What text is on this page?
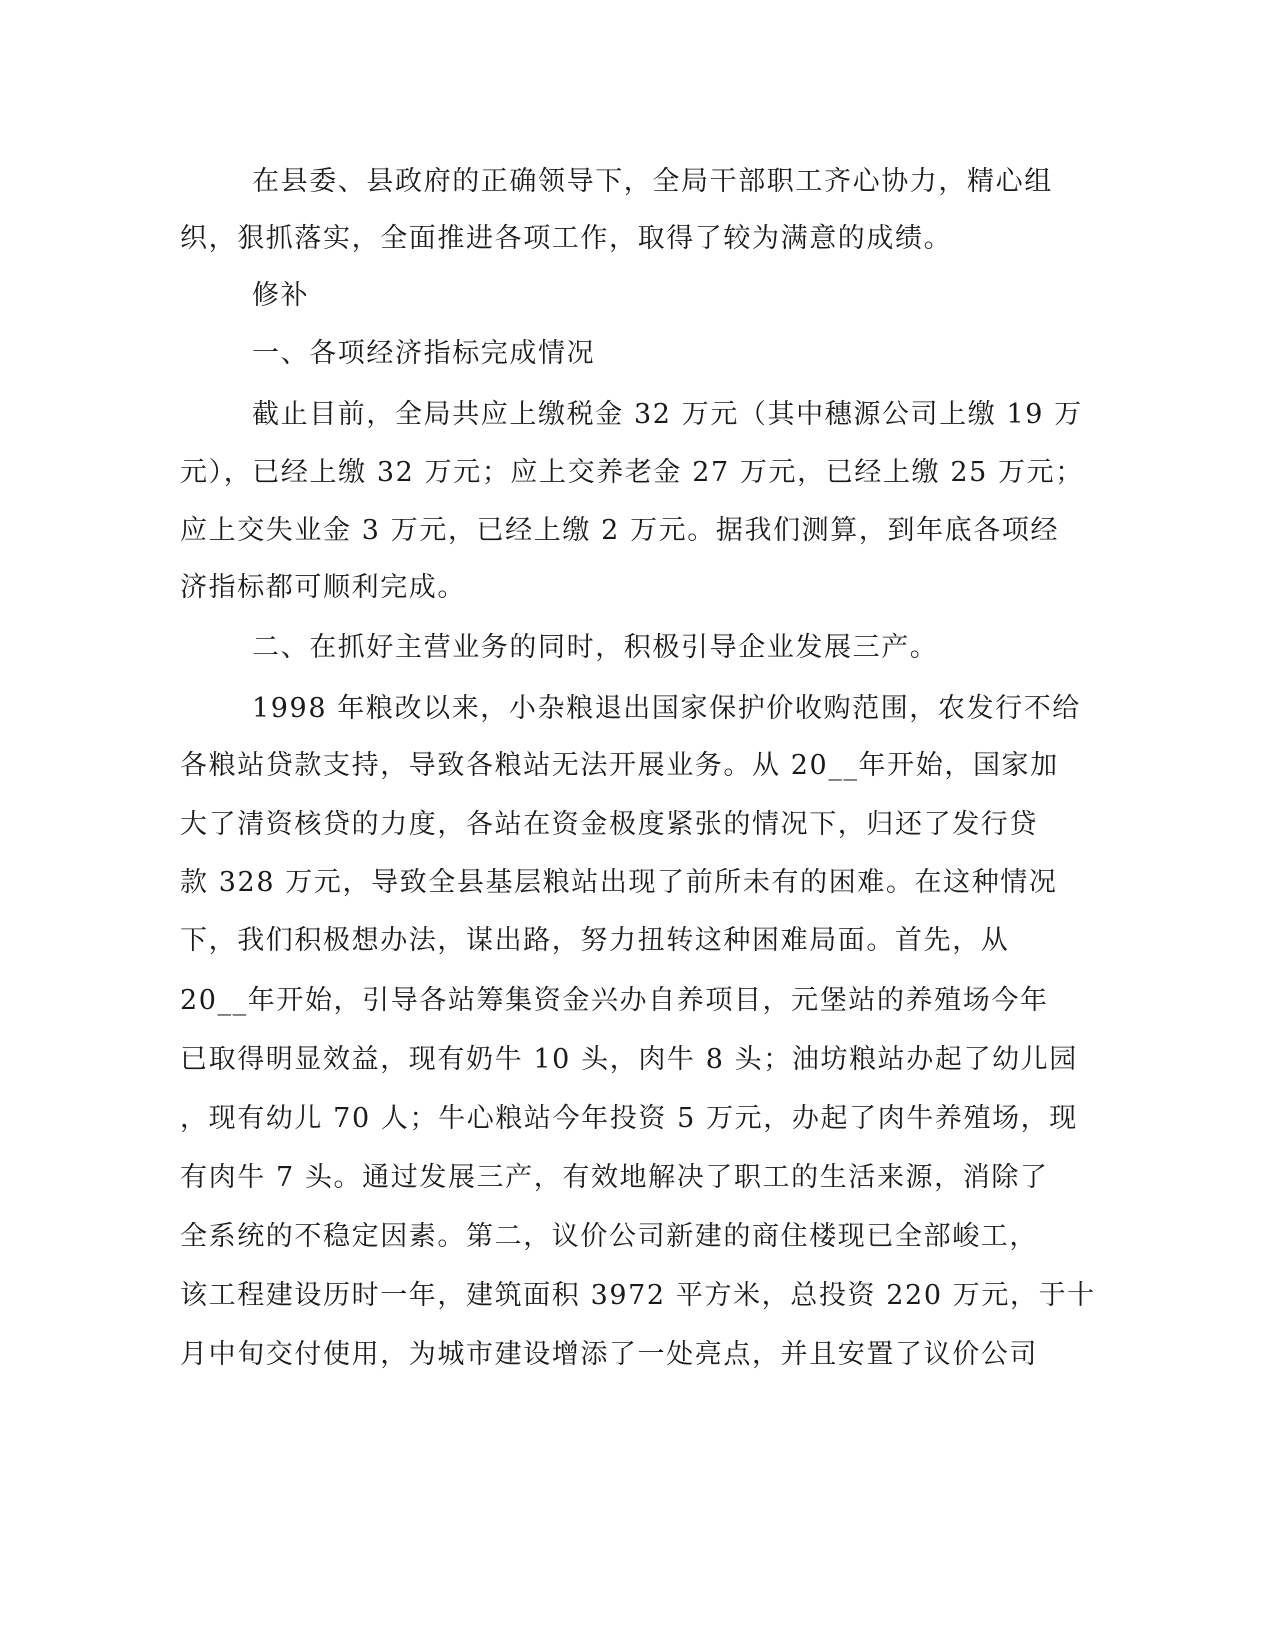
在县委、县政府的正确领导下，全局干部职工齐心协力，精心组
织，狠抓落实，全面推进各项工作，取得了较为满意的成绩。
修补
一、各项经济指标完成情况
截止目前，全局共应上缴税金 32 万元（其中穗源公司上缴 19 万
元），已经上缴 32 万元；应上交养老金 27 万元，已经上缴 25 万元；
应上交失业金 3 万元，已经上缴 2 万元。据我们测算，到年底各项经
济指标都可顺利完成。
二、在抓好主营业务的同时，积极引导企业发展三产。
1998 年粮改以来，小杂粮退出国家保护价收购范围，农发行不给
各粮站贷款支持，导致各粮站无法开展业务。从 20__年开始，国家加
大了清资核贷的力度，各站在资金极度紧张的情况下，归还了发行贷
款 328 万元，导致全县基层粮站出现了前所未有的困难。在这种情况
下，我们积极想办法，谋出路，努力扭转这种困难局面。首先，从
20__年开始，引导各站筹集资金兴办自养项目，元堡站的养殖场今年
已取得明显效益，现有奶牛 10 头，肉牛 8 头；油坊粮站办起了幼儿园
，现有幼儿 70 人；牛心粮站今年投资 5 万元，办起了肉牛养殖场，现
有肉牛 7 头。通过发展三产，有效地解决了职工的生活来源，消除了
全系统的不稳定因素。第二，议价公司新建的商住楼现已全部峻工，
该工程建设历时一年，建筑面积 3972 平方米，总投资 220 万元，于十
月中旬交付使用，为城市建设增添了一处亮点，并且安置了议价公司
